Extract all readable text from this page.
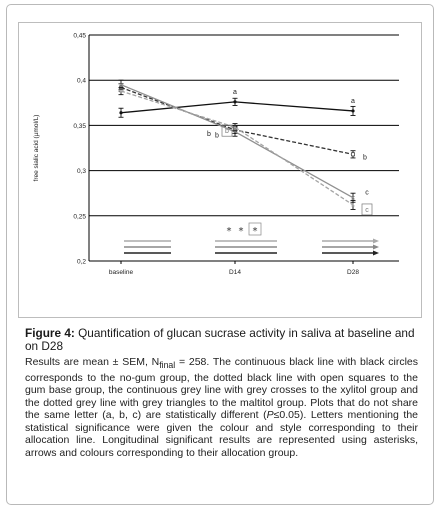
0,2
0,25
0,3
0,35
0,4
0,45
baseline	D14	D28
free sialic acid (µmol/L)
a
a
b
b
b
c
b
c
* * *
Figure 4: Quantification of glucan sucrase activity in saliva at baseline and on D28

Results are mean ± SEM, $N_{final} = 258$. The continuous black line with black circles corresponds to the no-gum group, the dotted black line with open squares to the gum base group, the continuous grey line with grey crosses to the xylitol group and the dotted grey line with grey triangles to the maltitol group. Plots that do not share the same letter (a, b, c) are statistically different (P≤0.05). Letters mentioning the statistical significance were given the colour and style corresponding to their allocation line. Longitudinal significant results are represented using asterisks, arrows and colours corresponding to their allocation group.
